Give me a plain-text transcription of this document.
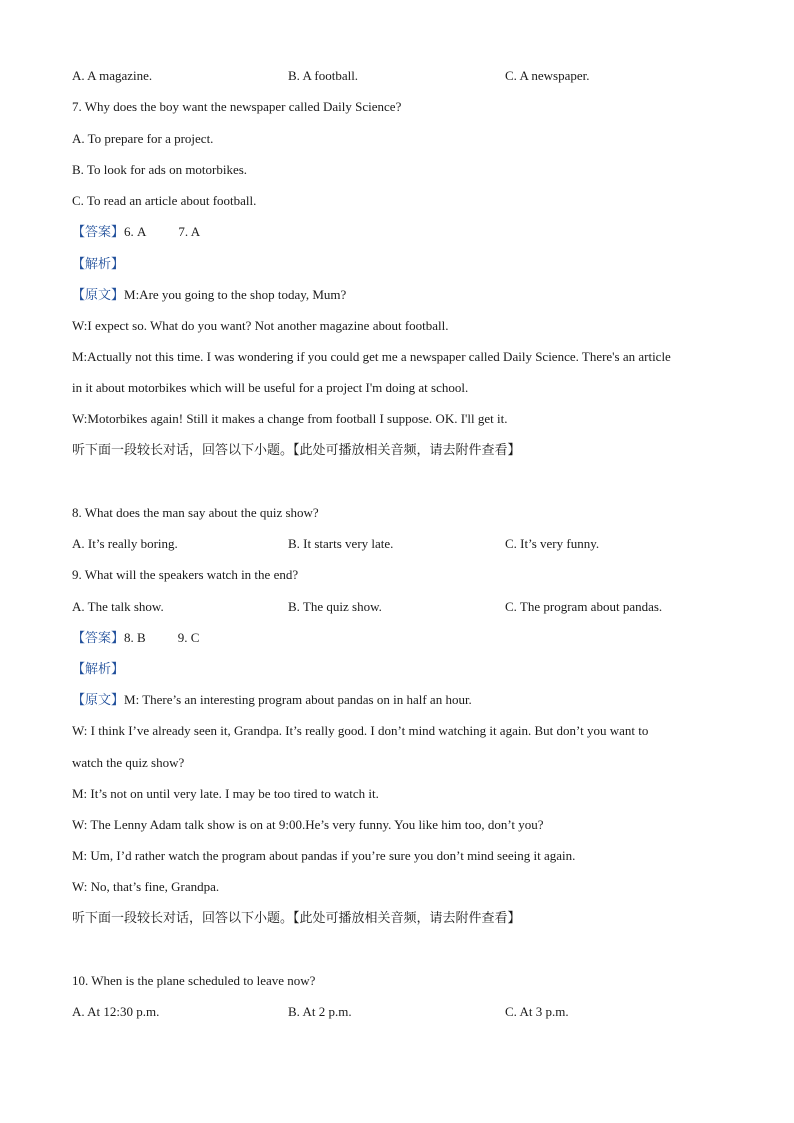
A. A magazine.	B. A football.	C. A newspaper.
7. Why does the boy want the newspaper called Daily Science?
A. To prepare for a project.
B. To look for ads on motorbikes.
C. To read an article about football.
【答案】6. A 7. A
【解析】
【原文】M:Are you going to the shop today, Mum?
W:I expect so. What do you want? Not another magazine about football.
M:Actually not this time. I was wondering if you could get me a newspaper called Daily Science. There's an article
in it about motorbikes which will be useful for a project I'm doing at school.
W:Motorbikes again! Still it makes a change from football I suppose. OK. I'll get it.
听下面一段较长对话，回答以下小题。【此处可播放相关音频，请去附件查看】
8. What does the man say about the quiz show?
A. It’s really boring.	B. It starts very late.	C. It’s very funny.
9. What will the speakers watch in the end?
A. The talk show.	B. The quiz show.	C. The program about pandas.
【答案】8. B 9. C
【解析】
【原文】M: There’s an interesting program about pandas on in half an hour.
W: I think I’ve already seen it, Grandpa. It’s really good. I don’t mind watching it again. But don’t you want to
watch the quiz show?
M: It’s not on until very late. I may be too tired to watch it.
W: The Lenny Adam talk show is on at 9:00.He’s very funny. You like him too, don’t you?
M: Um, I’d rather watch the program about pandas if you’re sure you don’t mind seeing it again.
W: No, that’s fine, Grandpa.
听下面一段较长对话，回答以下小题。【此处可播放相关音频，请去附件查看】
10. When is the plane scheduled to leave now?
A. At 12:30 p.m.	B. At 2 p.m.	C. At 3 p.m.
